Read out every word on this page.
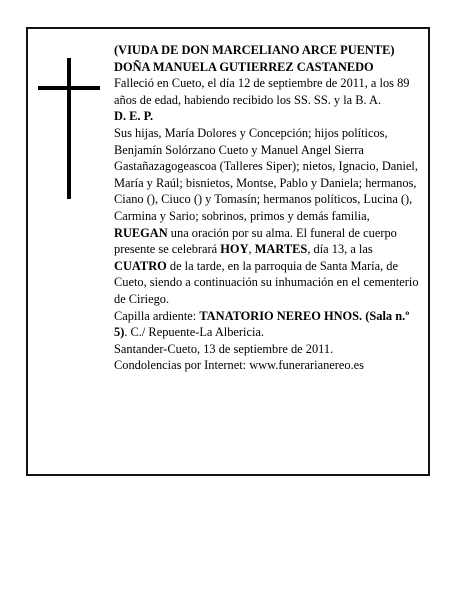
(VIUDA DE DON MARCELIANO ARCE PUENTE)

DOÑA MANUELA GUTIERREZ CASTANEDO

Falleció en Cueto, el día 12 de septiembre de 2011, a los 89 años de edad, habiendo recibido los SS. SS. y la B. A.

D. E. P.

Sus hijas, María Dolores y Concepción; hijos políticos, Benjamín Solórzano Cueto y Manuel Angel Sierra Gastañazagogeascoa (Talleres Siper); nietos, Ignacio, Daniel, María y Raúl; bisnietos, Montse, Pablo y Daniela; hermanos, Ciano (), Ciuco () y Tomasín; hermanos políticos, Lucina (), Carmina y Sario; sobrinos, primos y demás familia,

RUEGAN una oración por su alma. El funeral de cuerpo presente se celebrará HOY, MARTES, día 13, a las CUATRO de la tarde, en la parroquia de Santa María, de Cueto, siendo a continuación su inhumación en el cementerio de Ciriego.

Capilla ardiente: TANATORIO NEREO HNOS. (Sala n.º 5). C./ Repuente-La Albericia.

Santander-Cueto, 13 de septiembre de 2011.

Condolencias por Internet: www.funerarianereo.es
